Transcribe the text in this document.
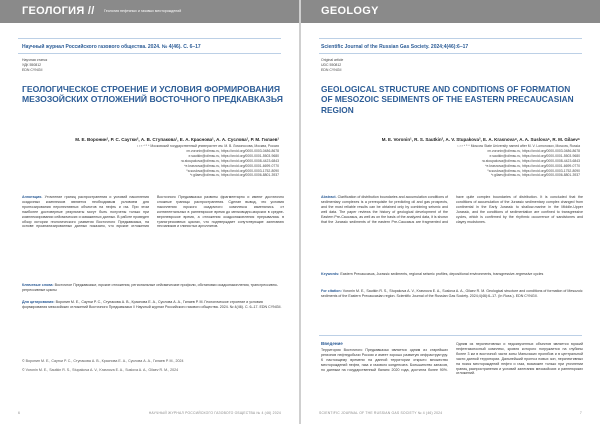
ГЕОЛОГИЯ //	Геология нефтяных и газовых месторождений
Научный журнал Российского газового общества. 2024. № 4(46). С. 6–17
Научная статья
УДК 550812
EDN CYNGII
ГЕОЛОГИЧЕСКОЕ СТРОЕНИЕ И УСЛОВИЯ ФОРМИРОВАНИЯ МЕЗОЗОЙСКИХ ОТЛОЖЕНИЙ ВОСТОЧНОГО ПРЕДКАВКАЗЬЯ
М. Е. Воронин¹, Р. С. Саутки², А. В. Ступакова¹, Е. А. Краснова¹, А. А. Суслова¹, Р. М. Гилаев¹
¹ ² ³ ⁴ ⁵ ⁶ Московский государственный университет им. М. В. Ломоносова, Москва, Россия
¹m.voronin@oilmsu.ru, https://orcid.org/0000-0003-0486-8678
²r.sautkin@oilmsu.ru, https://orcid.org/0000-0001-5503-9680
³a.stoupakova@oilmsu.ru, https://orcid.org/0000-0008-4423-6843
⁴e.krasnova@oilmsu.ru, https://orcid.org/0000-0001-6699-0770
⁵a.suslova@oilmsu.ru, https://orcid.org/0000-0003-1752-8090
⁶r.gilaev@oilmsu.ru, https://orcid.org/0000-0006-8801-3937
Аннотация. Уточнение границ распространения и условий накопления осадочных комплексов является необходимым условием для прогнозирования перспективных объектов на нефть и газ. При этом наиболее достоверные результаты могут быть получены только при комплексировании сейсмических и скважинных данных. В работе проведен обзор истории геологического развития Восточного Предкавказья, на основе проанализированных данных показано, что юрские отложения Восточного Предкавказья развиты фрагментарно и имеют достаточно сложные границы распространения. Сделан вывод, что условия накопления юрского осадочного комплекса изменялись от континентальных в раннеюрское время до мелководно-морских в средне-верхнеюрское время, а отложения осадконакопления прерывались в трансгрессивных циклах, что подтверждает сопутствующие залеганию песчаников и глинистых аргиллитов.
Ключевые слова: Восточное Предкавказье, юрские отложения, региональные сейсмические профили, обстановки осадконакопления, трансгрессивно-регрессивные циклы
Для цитирования: Воронин М. Е., Саутки Р. С., Ступакова А. В., Краснова Е. А., Суслова А. А., Гилаев Р. М. Геологическое строение и условия формирования мезозойских отложений Восточного Предкавказья // Научный журнал Российского газового общества. 2024. № 4(46). С. 6–17. EDN CYNGII.
© Воронин М. Е., Саутки Р. С., Ступакова А. В., Краснова Е. А., Суслова А. А., Гилаев Р. М., 2024
© Voronin M. E., Sautkin R. S., Stupakova A. V., Krasnova E. A., Suslova A. A., Gilaev R. M., 2024
6	НАУЧНЫЙ ЖУРНАЛ РОССИЙСКОГО ГАЗОВОГО ОБЩЕСТВА № 4 (46) 2024
GEOLOGY
Scientific Journal of the Russian Gas Society. 2024;4(46):6–17
Original article
UDC 550812
EDN CYNGII
GEOLOGICAL STRUCTURE AND CONDITIONS OF FORMATION OF MESOZOIC SEDIMENTS OF THE EASTERN PRECAUCASIAN REGION
M. E. Voronin¹, R. S. Sautkin², A. V. Stupakova³, E. A. Krasnova⁴, A. A. Suslova⁵, R. M. Gilaev⁶
¹ ² ³ ⁴ ⁵ ⁶ Moscow State University named after M. V. Lomonosov, Moscow, Russia
¹m.voronin@oilmsu.ru, https://orcid.org/0000-0003-0486-8678
²r.sautkin@oilmsu.ru, https://orcid.org/0000-0001-5503-9680
³a.stoupakova@oilmsu.ru, https://orcid.org/0000-0008-4423-6843
⁴e.krasnova@oilmsu.ru, https://orcid.org/0000-0001-6699-0770
⁵a.suslova@oilmsu.ru, https://orcid.org/0000-0003-1752-8090
⁶r.gilaev@oilmsu.ru, https://orcid.org/0000-0006-8801-3937
Abstract. Clarification of distribution boundaries and accumulation conditions of sedimentary complexes is a prerequisite for predicting oil and gas prospects, and the most reliable results can be obtained only by combining seismic and well data. The paper reviews the history of geological development of the Eastern Pre-Caucasus, as well as on the basis of the analyzed data, it is shown that the Jurassic sediments of the eastern Pre-Caucasus are fragmented and have quite complex boundaries of distribution. It is concluded that the conditions of accumulation of the Jurassic sedimentary complex changed from continental in the Early Jurassic to shallow-marine in the Middle-Upper Jurassic, and the conditions of sedimentation are confined to transgressive cycles, which is confirmed by the rhythmic occurrence of sandstones and clayey mudstones.
Keywords: Eastern Precaucasus, Jurassic sediments, regional seismic profiles, depositional environments, transgressive-regressive cycles
For citation: Voronin M. E., Sautkin R. S., Stupakova A. V., Krasnova E. A., Suslova A. A., Gilaev R. M. Geological structure and conditions of formation of Mesozoic sediments of the Eastern Precaucasian region. Scientific Journal of the Russian Gas Society. 2024;4(46):6–17. (In Russ.). EDN CYNGII.
Введение
Территория Восточного Предкавказья является одним из старейших регионов нефтедобычи России и имеет хорошо развитую инфраструктуру. К настоящему времени на данной территории открыто множество месторождений нефти, газа и газового конденсата. Большинство запасов, по данным на государственный баланс 2020 года, достигла более 90%. Одним из перспективных и недоизученных объектов является юрский нефтегазоносный комплекс, кровля которого погружается на глубины более 3 км в восточной части зоны Манычских прогибов и в центральной части данной территории. Дальнейший прогноз новых зон, перспективных на поиск месторождений нефти и газа, возможен только при уточнении границ распространения и условий залегания мезозойских и раннеюрских отложений.
SCIENTIFIC JOURNAL OF THE RUSSIAN GAS SOCIETY № 4 (46) 2024	7
